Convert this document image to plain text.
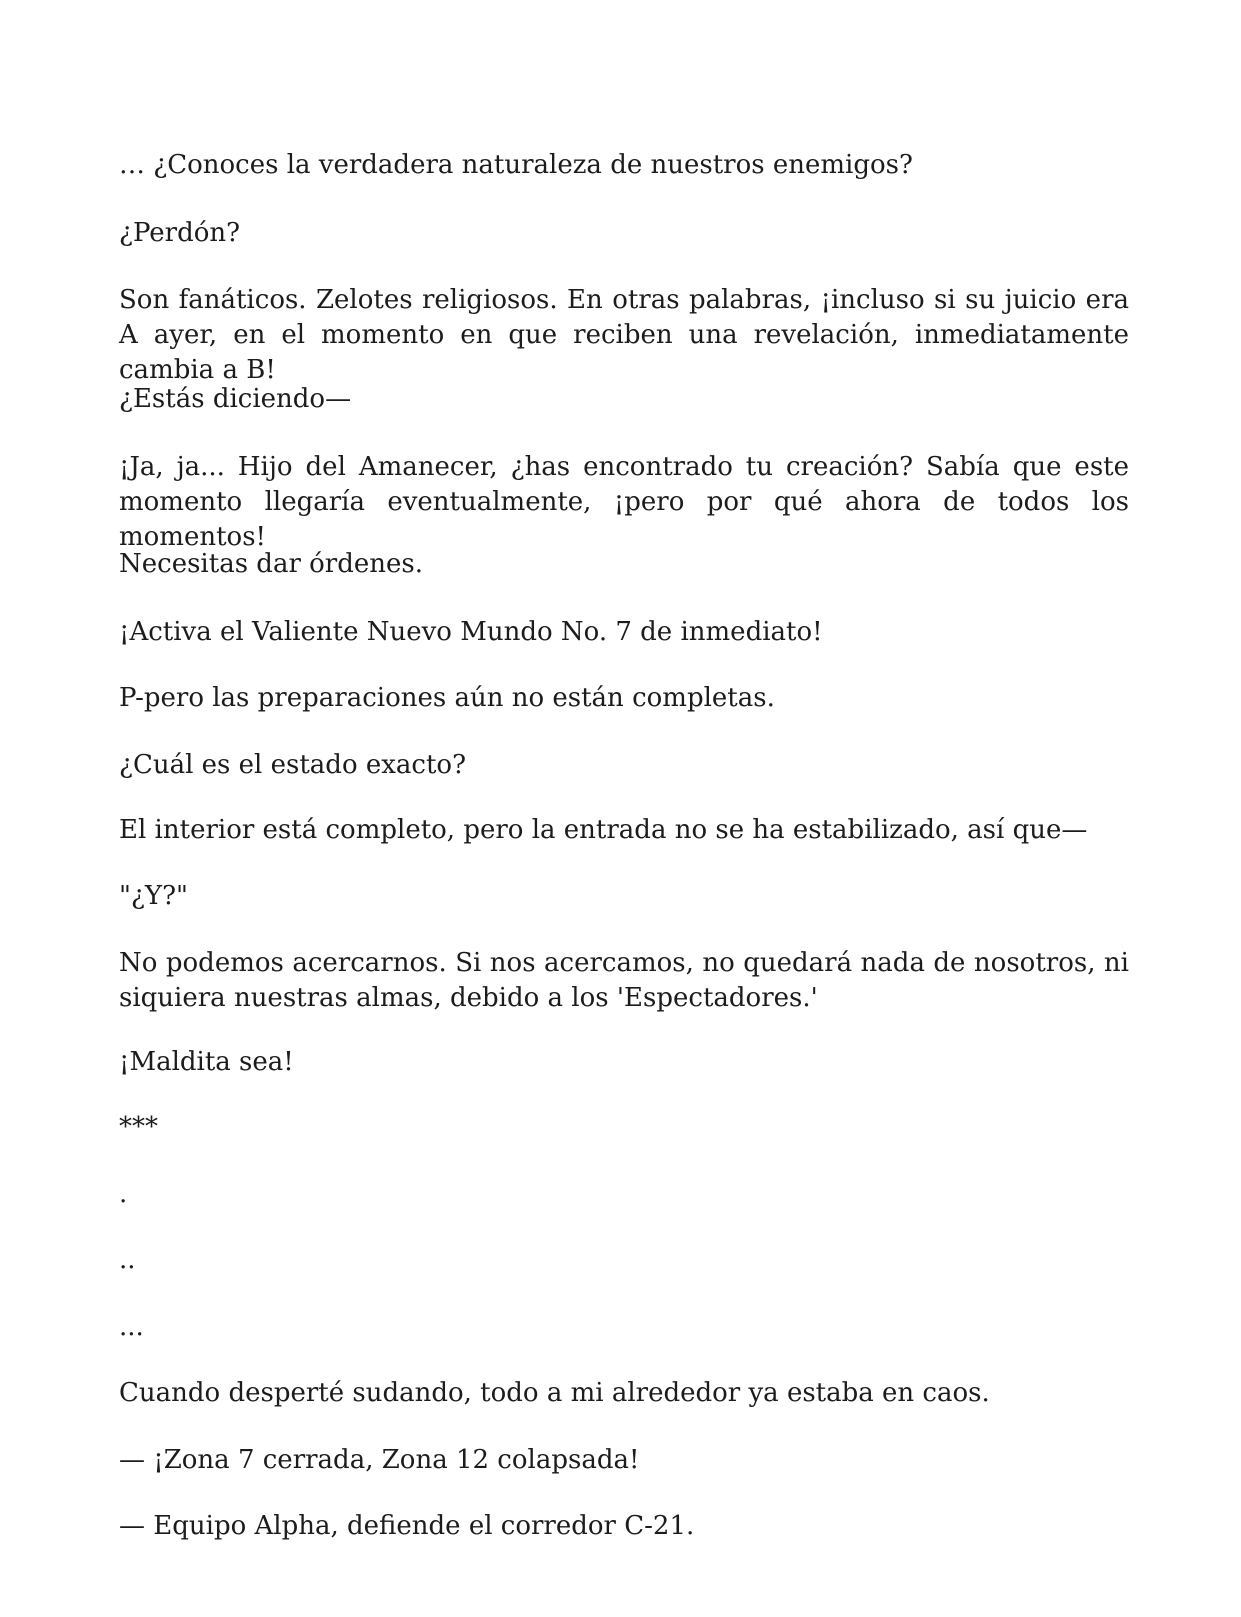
… ¿Conoces la verdadera naturaleza de nuestros enemigos?

¿Perdón?

Son fanáticos. Zelotes religiosos. En otras palabras, ¡incluso si su juicio era A ayer, en el momento en que reciben una revelación, inmediatamente cambia a B!

¿Estás diciendo—

¡Ja, ja... Hijo del Amanecer, ¿has encontrado tu creación? Sabía que este momento llegaría eventualmente, ¡pero por qué ahora de todos los momentos!

Necesitas dar órdenes.

¡Activa el Valiente Nuevo Mundo No. 7 de inmediato!

P-pero las preparaciones aún no están completas.

¿Cuál es el estado exacto?

El interior está completo, pero la entrada no se ha estabilizado, así que—

"¿Y?"

No podemos acercarnos. Si nos acercamos, no quedará nada de nosotros, ni siquiera nuestras almas, debido a los 'Espectadores.'

¡Maldita sea!

***

.

..

...

Cuando desperté sudando, todo a mi alrededor ya estaba en caos.

— ¡Zona 7 cerrada, Zona 12 colapsada!

— Equipo Alpha, defiende el corredor C-21.
